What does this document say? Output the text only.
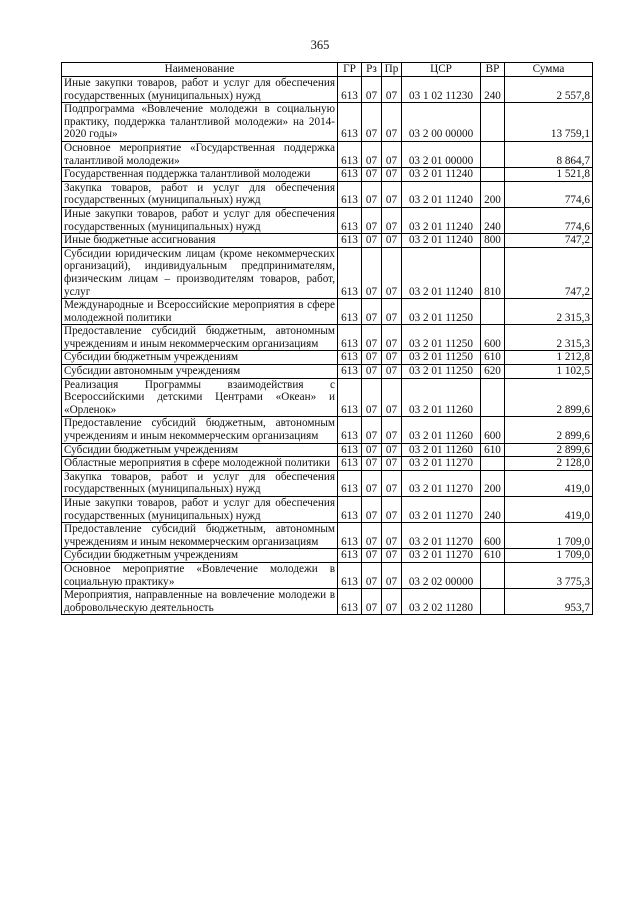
365
Наименование	ГР	Рз	Пр	ЦСР	ВР	Сумма
Иные закупки товаров, работ и услуг для обеспечения государственных (муниципальных) нужд	613	07	07	03 1 02 11230	240	2 557,8
Подпрограмма «Вовлечение молодежи в социальную практику, поддержка талантливой молодежи» на 2014-2020 годы»	613	07	07	03 2 00 00000		13 759,1
Основное мероприятие «Государственная поддержка талантливой молодежи»	613	07	07	03 2 01 00000		8 864,7
Государственная поддержка талантливой молодежи	613	07	07	03 2 01 11240		1 521,8
Закупка товаров, работ и услуг для обеспечения государственных (муниципальных) нужд	613	07	07	03 2 01 11240	200	774,6
Иные закупки товаров, работ и услуг для обеспечения государственных (муниципальных) нужд	613	07	07	03 2 01 11240	240	774,6
Иные бюджетные ассигнования	613	07	07	03 2 01 11240	800	747,2
Субсидии юридическим лицам (кроме некоммерческих организаций), индивидуальным предпринимателям, физическим лицам – производителям товаров, работ, услуг	613	07	07	03 2 01 11240	810	747,2
Международные и Всероссийские мероприятия в сфере молодежной политики	613	07	07	03 2 01 11250		2 315,3
Предоставление субсидий бюджетным, автономным учреждениям и иным некоммерческим организациям	613	07	07	03 2 01 11250	600	2 315,3
Субсидии бюджетным учреждениям	613	07	07	03 2 01 11250	610	1 212,8
Субсидии автономным учреждениям	613	07	07	03 2 01 11250	620	1 102,5
Реализация Программы взаимодействия с Всероссийскими детскими Центрами «Океан» и «Орленок»	613	07	07	03 2 01 11260		2 899,6
Предоставление субсидий бюджетным, автономным учреждениям и иным некоммерческим организациям	613	07	07	03 2 01 11260	600	2 899,6
Субсидии бюджетным учреждениям	613	07	07	03 2 01 11260	610	2 899,6
Областные мероприятия в сфере молодежной политики	613	07	07	03 2 01 11270		2 128,0
Закупка товаров, работ и услуг для обеспечения государственных (муниципальных) нужд	613	07	07	03 2 01 11270	200	419,0
Иные закупки товаров, работ и услуг для обеспечения государственных (муниципальных) нужд	613	07	07	03 2 01 11270	240	419,0
Предоставление субсидий бюджетным, автономным учреждениям и иным некоммерческим организациям	613	07	07	03 2 01 11270	600	1 709,0
Субсидии бюджетным учреждениям	613	07	07	03 2 01 11270	610	1 709,0
Основное мероприятие «Вовлечение молодежи в социальную практику»	613	07	07	03 2 02 00000		3 775,3
Мероприятия, направленные на вовлечение молодежи в добровольческую деятельность	613	07	07	03 2 02 11280		953,7
